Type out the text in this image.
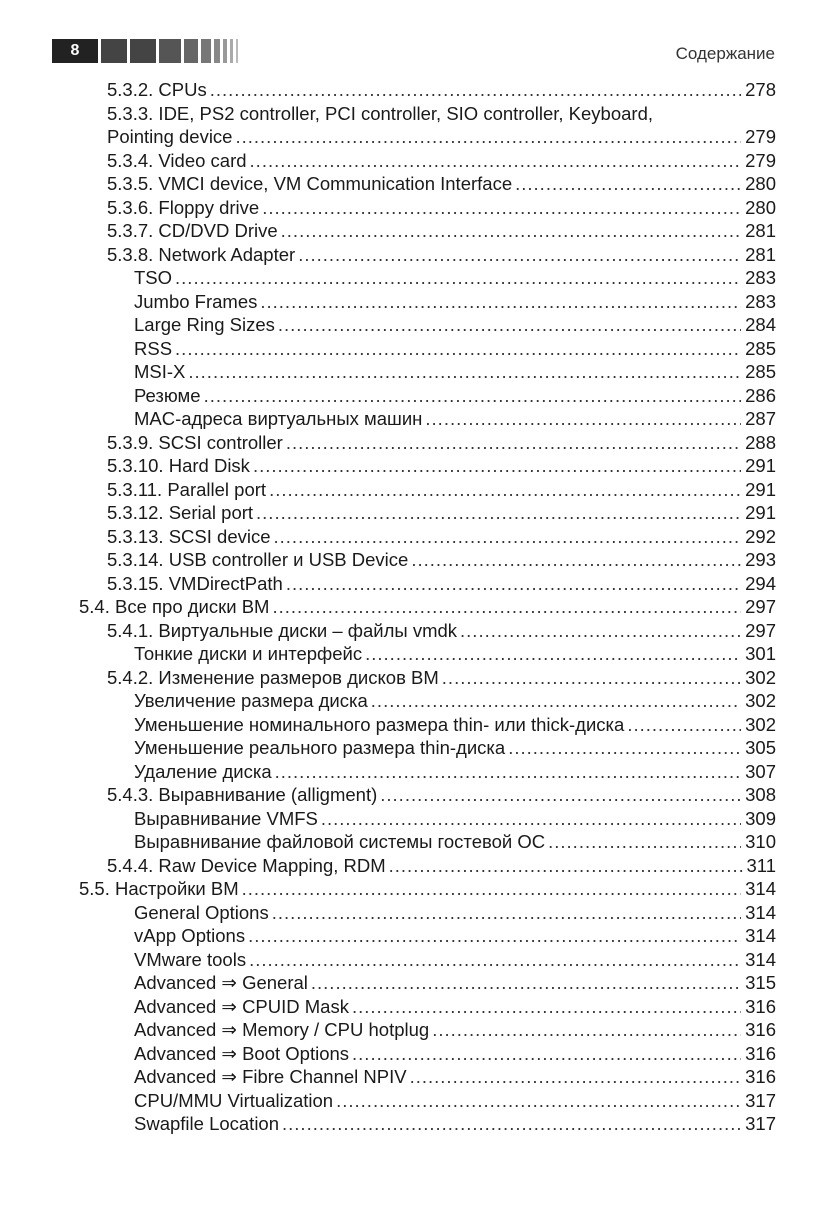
8	Содержание
5.3.2. CPUs .....	278
5.3.3. IDE, PS2 controller, PCI controller, SIO controller, Keyboard,
Pointing device .....	279
5.3.4. Video card .....	279
5.3.5. VMCI device, VM Communication Interface .....	280
5.3.6. Floppy drive .....	280
5.3.7. CD/DVD Drive .....	281
5.3.8. Network Adapter .....	281
TSO .....	283
Jumbo Frames .....	283
Large Ring Sizes .....	284
RSS .....	285
MSI-X .....	285
Резюме .....	286
MAC-адреса виртуальных машин .....	287
5.3.9. SCSI controller .....	288
5.3.10. Hard Disk .....	291
5.3.11. Parallel port .....	291
5.3.12. Serial port .....	291
5.3.13. SCSI device .....	292
5.3.14. USB controller и USB Device .....	293
5.3.15. VMDirectPath .....	294
5.4. Все про диски ВМ .....	297
5.4.1. Виртуальные диски – файлы vmdk .....	297
Тонкие диски и интерфейс .....	301
5.4.2. Изменение размеров дисков ВМ .....	302
Увеличение размера диска .....	302
Уменьшение номинального размера thin- или thick-диска .....	302
Уменьшение реального размера thin-диска .....	305
Удаление диска .....	307
5.4.3. Выравнивание (alligment) .....	308
Выравнивание VMFS .....	309
Выравнивание файловой системы гостевой ОС .....	310
5.4.4. Raw Device Mapping, RDM .....	311
5.5. Настройки ВМ .....	314
General Options .....	314
vApp Options .....	314
VMware tools .....	314
Advanced ⇒ General .....	315
Advanced ⇒ CPUID Mask .....	316
Advanced ⇒ Memory / CPU hotplug .....	316
Advanced ⇒ Boot Options .....	316
Advanced ⇒ Fibre Channel NPIV .....	316
CPU/MMU Virtualization .....	317
Swapfile Location .....	317
